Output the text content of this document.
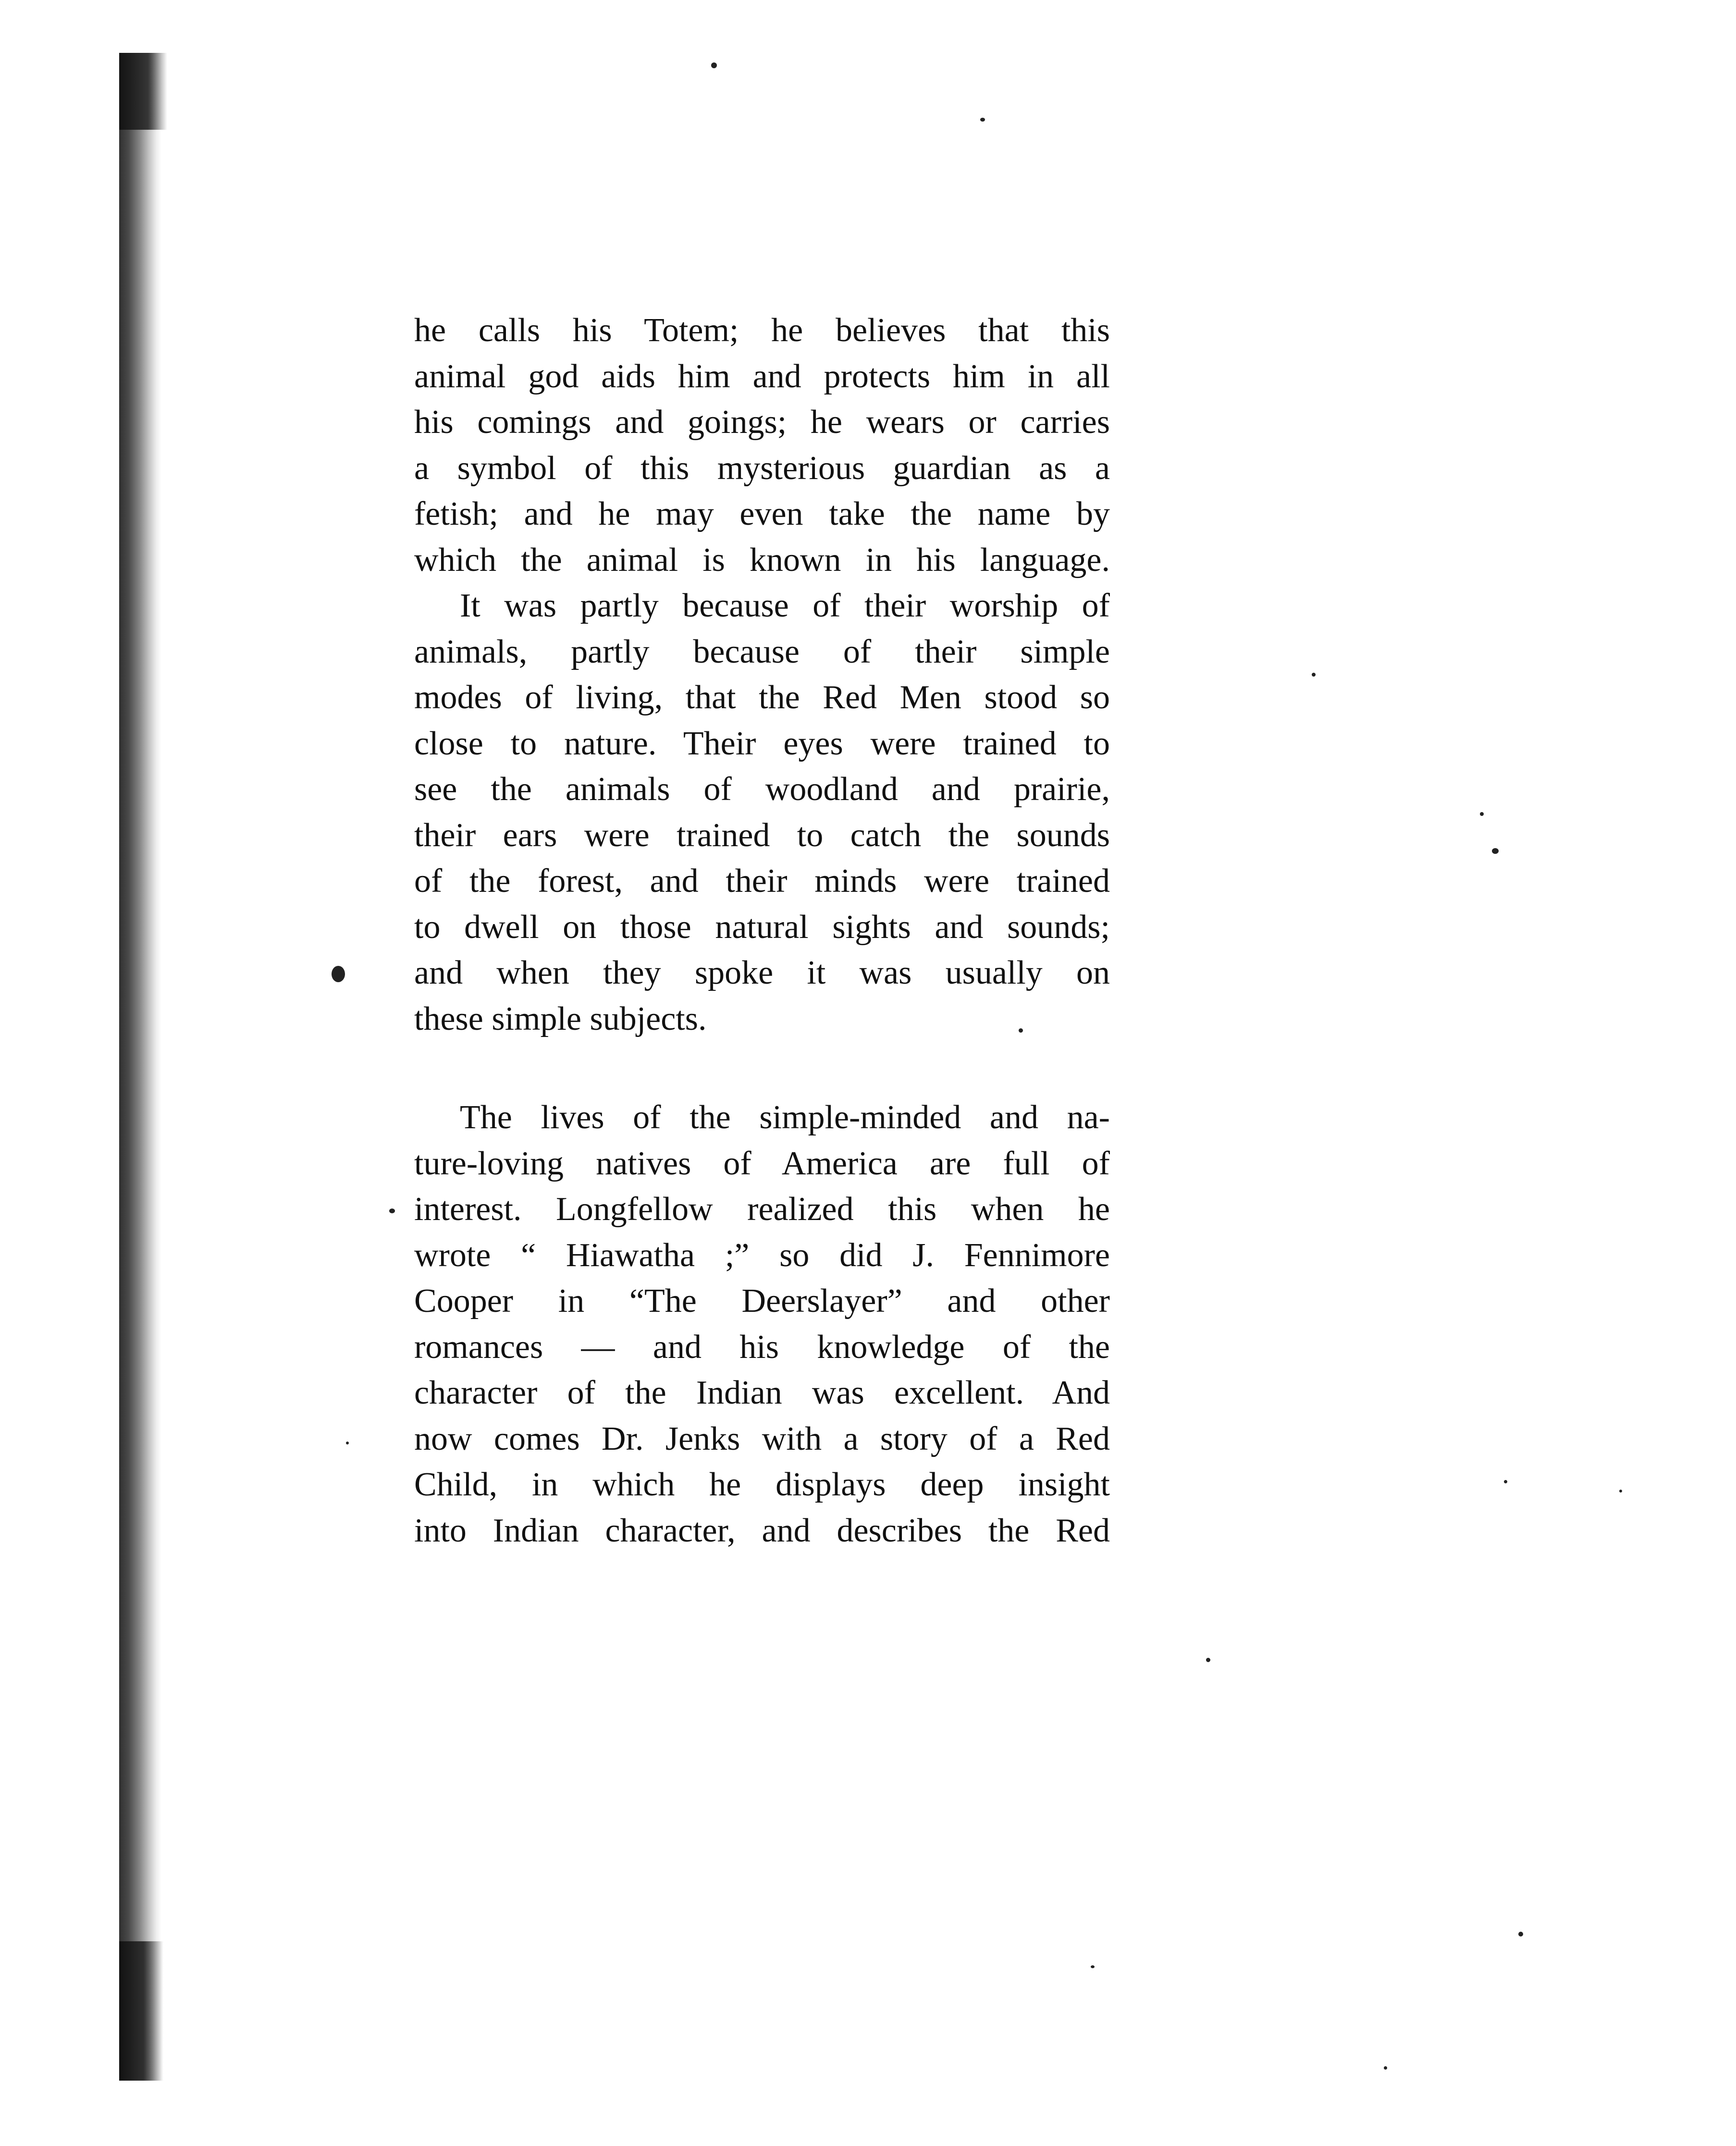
he calls his Totem; he believes that this
animal god aids him and protects him in all
his comings and goings; he wears or carries
a symbol of this mysterious guardian as a
fetish; and he may even take the name by
which the animal is known in his language.

It was partly because of their worship of
animals, partly because of their simple
modes of living, that the Red Men stood so
close to nature. Their eyes were trained to
see the animals of woodland and prairie,
their ears were trained to catch the sounds
of the forest, and their minds were trained
to dwell on those natural sights and sounds;
and when they spoke it was usually on
these simple subjects.

The lives of the simple-minded and na-
ture-loving natives of America are full of
interest. Longfellow realized this when he
wrote “ Hiawatha ;” so did J. Fennimore
Cooper in “The Deerslayer” and other
romances — and his knowledge of the
character of the Indian was excellent. And
now comes Dr. Jenks with a story of a Red
Child, in which he displays deep insight
into Indian character, and describes the Red
